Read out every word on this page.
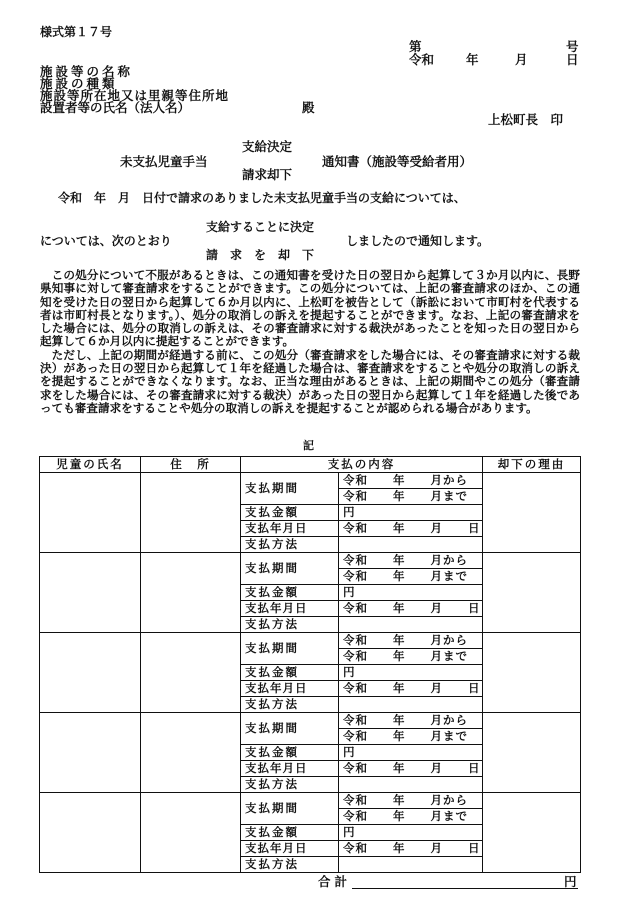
様式第１７号
第	号
令和	年	月	日
施設等の名称
施設の種類
施設等所在地又は里親等住所地
設置者等の氏名（法人名）	殿
上松町長　印
支給決定
未支払児童手当	通知書（施設等受給者用）
請求却下
令和　年　月　日付で請求のありました未支払児童手当の支給については、
支給することに決定
については、次のとおり	しましたので通知します。
請　求　を　却　下

この処分について不服があるときは、この通知書を受けた日の翌日から起算して３か月以内に、長野県知事に対して審査請求をすることができます。この処分については、上記の審査請求のほか、この通知を受けた日の翌日から起算して６か月以内に、上松町を被告として（訴訟において市町村を代表する者は市町村長となります。）、処分の取消しの訴えを提起することができます。なお、上記の審査請求をした場合には、処分の取消しの訴えは、その審査請求に対する裁決があったことを知った日の翌日から起算して６か月以内に提起することができます。

ただし、上記の期間が経過する前に、この処分（審査請求をした場合には、その審査請求に対する裁決）があった日の翌日から起算して１年を経過した場合は、審査請求をすることや処分の取消しの訴えを提起することができなくなります。なお、正当な理由があるときは、上記の期間やこの処分（審査請求をした場合には、その審査請求に対する裁決）があった日の翌日から起算して１年を経過した後であっても審査請求をすることや処分の取消しの訴えを提起することが認められる場合があります。

記
児童の氏名	住　所	支払の内容		却下の理由
		支払期間	令和　　年　　月から	
			令和　　年　　月まで	
		支払金額	円	
		支払年月日	令和　　年　　月　　日	
		支払方法		
		支払期間	令和　　年　　月から	
			令和　　年　　月まで	
		支払金額	円	
		支払年月日	令和　　年　　月　　日	
		支払方法		
		支払期間	令和　　年　　月から	
			令和　　年　　月まで	
		支払金額	円	
		支払年月日	令和　　年　　月　　日	
		支払方法		
		支払期間	令和　　年　　月から	
			令和　　年　　月まで	
		支払金額	円	
		支払年月日	令和　　年　　月　　日	
		支払方法		
		支払期間	令和　　年　　月から	
			令和　　年　　月まで	
		支払金額	円	
		支払年月日	令和　　年　　月　　日	
		支払方法		
合計	円
